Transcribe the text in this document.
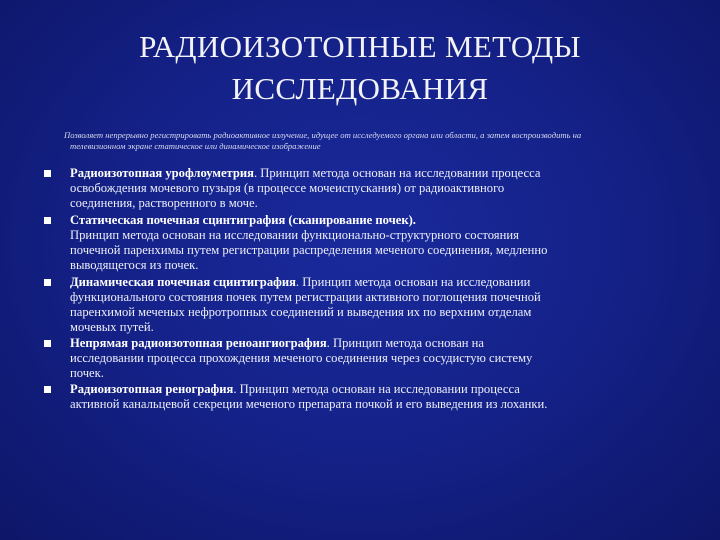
РАДИОИЗОТОПНЫЕ МЕТОДЫ
ИССЛЕДОВАНИЯ
Позволяет непрерывно регистрировать радиоактивное излучение, идущее от исследуемого органа или области, а затем воспроизводить на
телевизионном экране статическое или динамическое изображение
Радиоизотопная урофлоуметрия. Принцип метода основан на исследовании процесса
освобождения мочевого пузыря (в процессе мочеиспускания) от радиоактивного
соединения, растворенного в моче.
Статическая почечная сцинтиграфия (сканирование почек).
Принцип метода основан на исследовании функционально-структурного состояния
почечной паренхимы путем регистрации распределения меченого соединения, медленно
выводящегося из почек.
Динамическая почечная сцинтиграфия. Принцип метода основан на исследовании
функционального состояния почек путем регистрации активного поглощения почечной
паренхимой меченых нефротропных соединений и выведения их по верхним отделам
мочевых путей.
Непрямая радиоизотопная реноангиография. Принцип метода основан на
исследовании процесса прохождения меченого соединения через сосудистую систему
почек.
Радиоизотопная ренография. Принцип метода основан на исследовании процесса
активной канальцевой секреции меченого препарата почкой и его выведения из лоханки.
